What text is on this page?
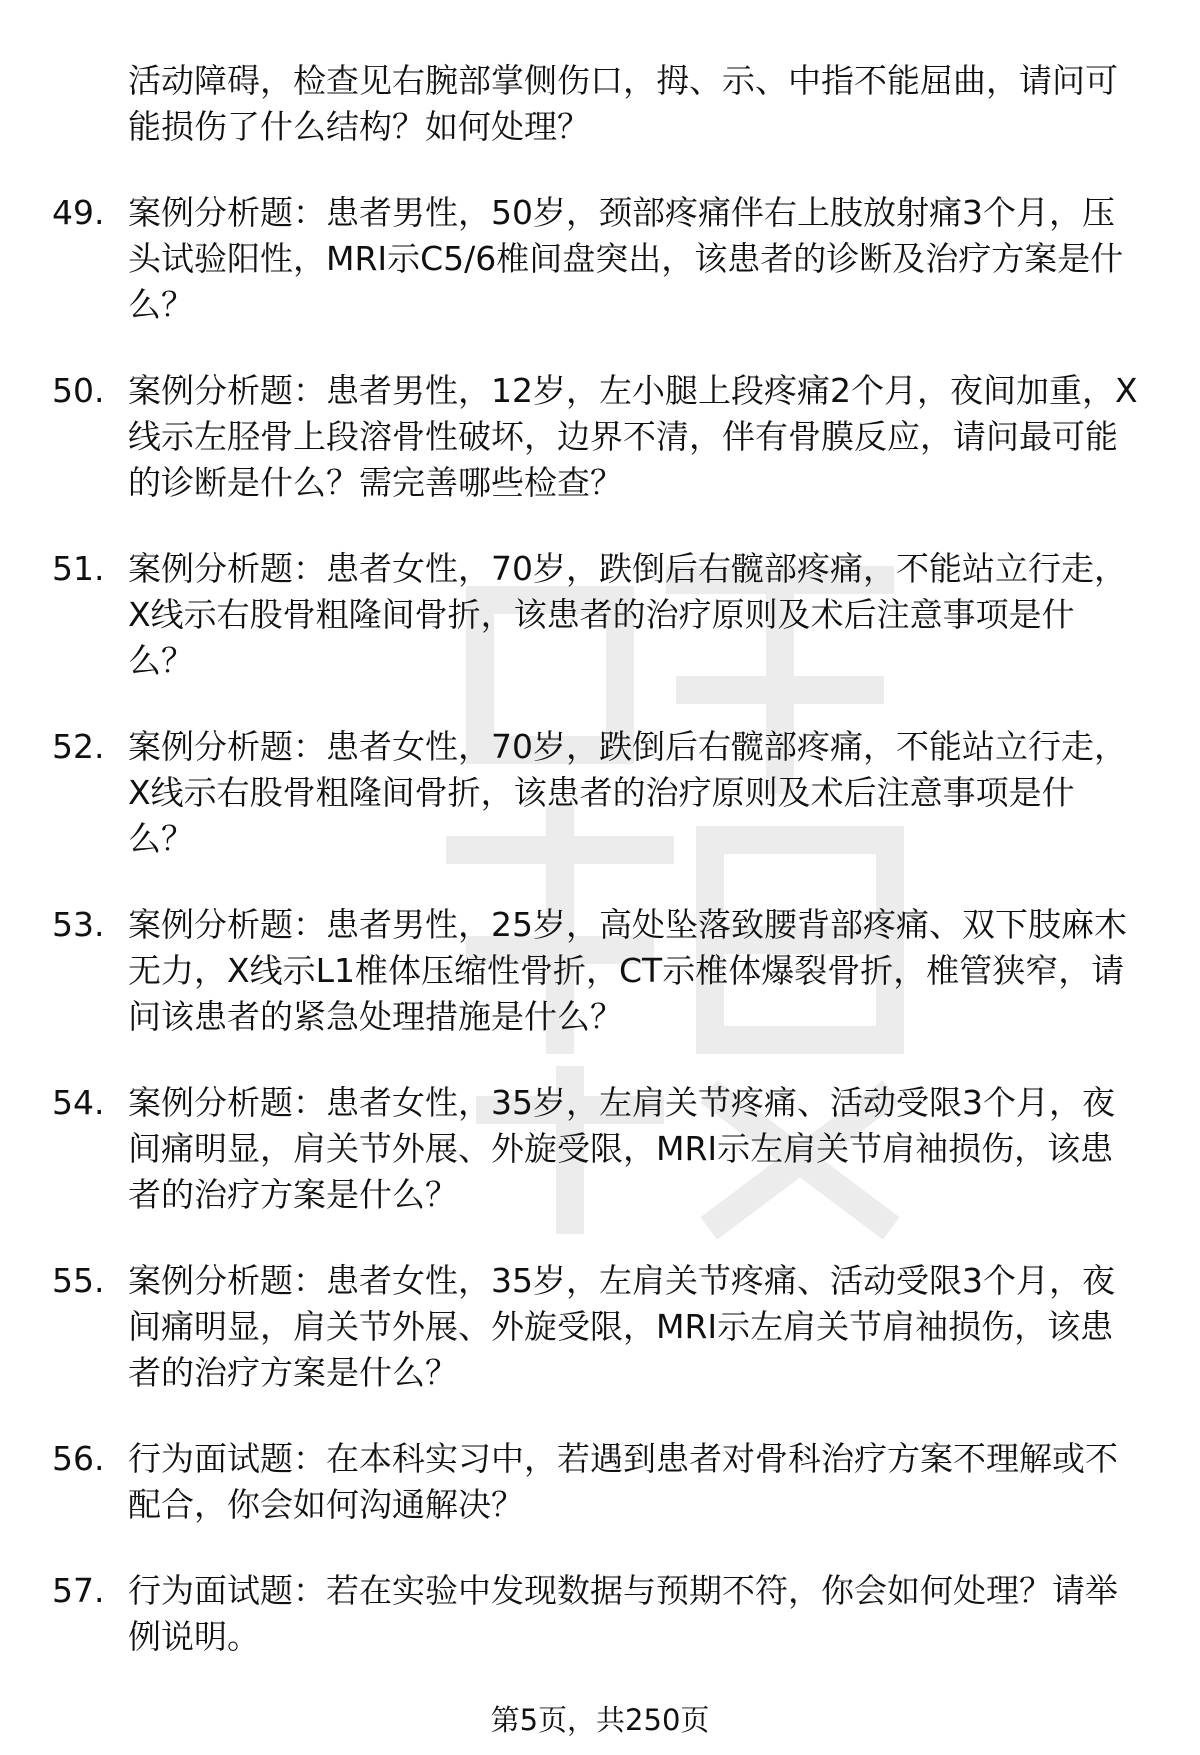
活动障碍，检查见右腕部掌侧伤口，拇、示、中指不能屈曲，请问可能损伤了什么结构？如何处理？

49. 案例分析题：患者男性，50岁，颈部疼痛伴右上肢放射痛3个月，压头试验阳性，MRI示C5/6椎间盘突出，该患者的诊断及治疗方案是什么？
50. 案例分析题：患者男性，12岁，左小腿上段疼痛2个月，夜间加重，X线示左胫骨上段溶骨性破坏，边界不清，伴有骨膜反应，请问最可能的诊断是什么？需完善哪些检查？
51. 案例分析题：患者女性，70岁，跌倒后右髋部疼痛，不能站立行走，X线示右股骨粗隆间骨折，该患者的治疗原则及术后注意事项是什么？
52. 案例分析题：患者女性，70岁，跌倒后右髋部疼痛，不能站立行走，X线示右股骨粗隆间骨折，该患者的治疗原则及术后注意事项是什么？
53. 案例分析题：患者男性，25岁，高处坠落致腰背部疼痛、双下肢麻木无力，X线示L1椎体压缩性骨折，CT示椎体爆裂骨折，椎管狭窄，请问该患者的紧急处理措施是什么？
54. 案例分析题：患者女性，35岁，左肩关节疼痛、活动受限3个月，夜间痛明显，肩关节外展、外旋受限，MRI示左肩关节肩袖损伤，该患者的治疗方案是什么？
55. 案例分析题：患者女性，35岁，左肩关节疼痛、活动受限3个月，夜间痛明显，肩关节外展、外旋受限，MRI示左肩关节肩袖损伤，该患者的治疗方案是什么？
56. 行为面试题：在本科实习中，若遇到患者对骨科治疗方案不理解或不配合，你会如何沟通解决？
57. 行为面试题：若在实验中发现数据与预期不符，你会如何处理？请举例说明。
第5页，共250页
